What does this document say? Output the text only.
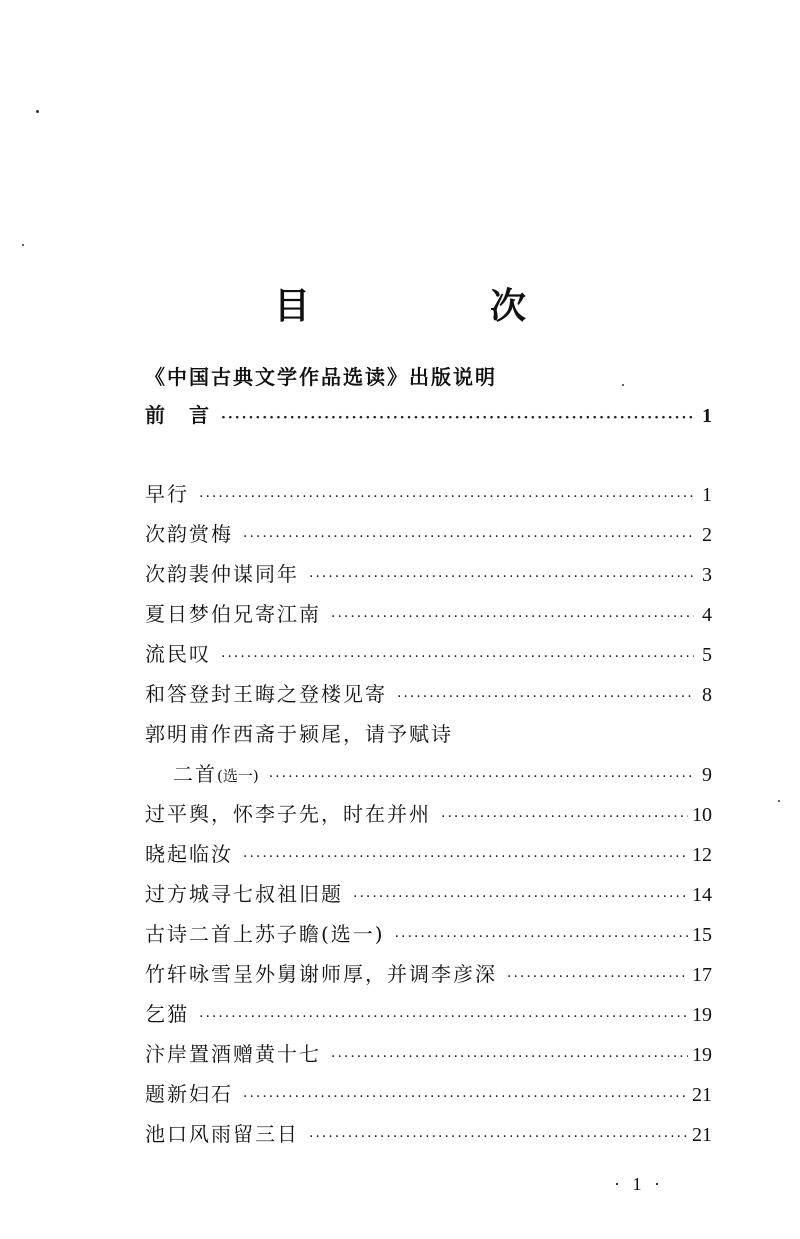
目　次
《中国古典文学作品选读》出版说明
前　言 ·····	1
早行 ·····	1
次韵赏梅 ·····	2
次韵裴仲谋同年 ·····	3
夏日梦伯兄寄江南 ·····	4
流民叹 ·····	5
和答登封王晦之登楼见寄 ·····	8
郭明甫作西斋于颍尾，请予赋诗
二首(选一) ·····	9
过平舆，怀李子先，时在并州 ·····	10
晓起临汝 ·····	12
过方城寻七叔祖旧题 ·····	14
古诗二首上苏子瞻(选一) ·····	15
竹轩咏雪呈外舅谢师厚，并调李彦深 ·····	17
乞猫 ·····	19
汴岸置酒赠黄十七 ·····	19
题新妇石 ·····	21
池口风雨留三日 ·····	21
· 1 ·
